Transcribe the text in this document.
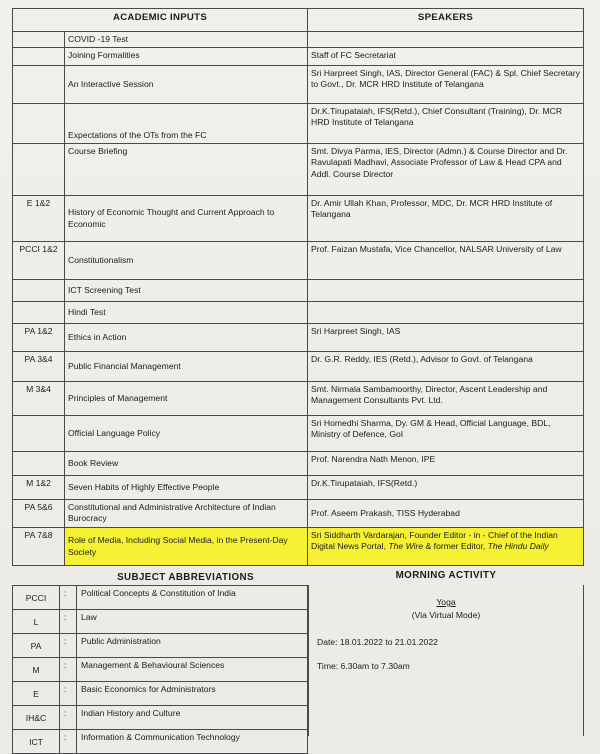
ACADEMIC INPUTS		SPEAKERS
	COVID -19 Test	
	Joining Formalities	Staff of FC Secretariat
	An Interactive Session	Sri Harpreet Singh, IAS, Director General (FAC) & Spl. Chief Secretary to Govt., Dr. MCR HRD Institute of Telangana
	Expectations of the OTs from the FC	Dr.K.Tirupataiah, IFS(Retd.), Chief Consultant (Training), Dr. MCR HRD Institute of Telangana
	Course Briefing	Smt. Divya Parma, IES, Director (Admn.) & Course Director and Dr. Ravulapati Madhavi, Associate Professor of Law & Head CPA and Addl. Course Director
E 1&2	History of Economic Thought and Current Approach to Economic	Dr. Amir Ullah Khan, Professor, MDC, Dr. MCR HRD Institute of Telangana
PCCI 1&2	Constitutionalism	Prof. Faizan Mustafa, Vice Chancellor, NALSAR University of Law
	ICT Screening Test	
	Hindi Test	
PA 1&2	Ethics in Action	Sri Harpreet Singh, IAS
PA 3&4	Public Financial Management	Dr. G.R. Reddy, IES (Retd.), Advisor to Govt. of Telangana
M 3&4	Principles of Management	Smt. Nirmala Sambamoorthy, Director, Ascent Leadership and Management Consultants Pvt. Ltd.
	Official Language Policy	Sri Homedhi Sharma, Dy. GM & Head, Official Language, BDL, Ministry of Defence, GoI
	Book Review	Prof. Narendra Nath Menon, IPE
M 1&2	Seven Habits of Highly Effective People	Dr.K.Tirupataiah, IFS(Retd.)
PA 5&6	Constitutional and Administrative Architecture of Indian Burocracy	Prof. Aseem Prakash, TISS Hyderabad
PA 7&8	Role of Media, Including Social Media, in the Present-Day Society	Sri Siddharth Vardarajan, Founder Editor - in - Chief of the Indian Digital News Portal, The Wire & former Editor, The Hindu Daily
SUBJECT ABBREVIATIONS	MORNING ACTIVITY
PCCI	:	Political Concepts & Constitution of India
L	:	Law
PA	:	Public Administration
M	:	Management & Behavioural Sciences
E	:	Basic Economics for Administrators
IH&C	:	Indian History and Culture
ICT	:	Information & Communication Technology
Yoga
(Via Virtual Mode)
Date: 18.01.2022 to 21.01.2022
Time: 6.30am to 7.30am
